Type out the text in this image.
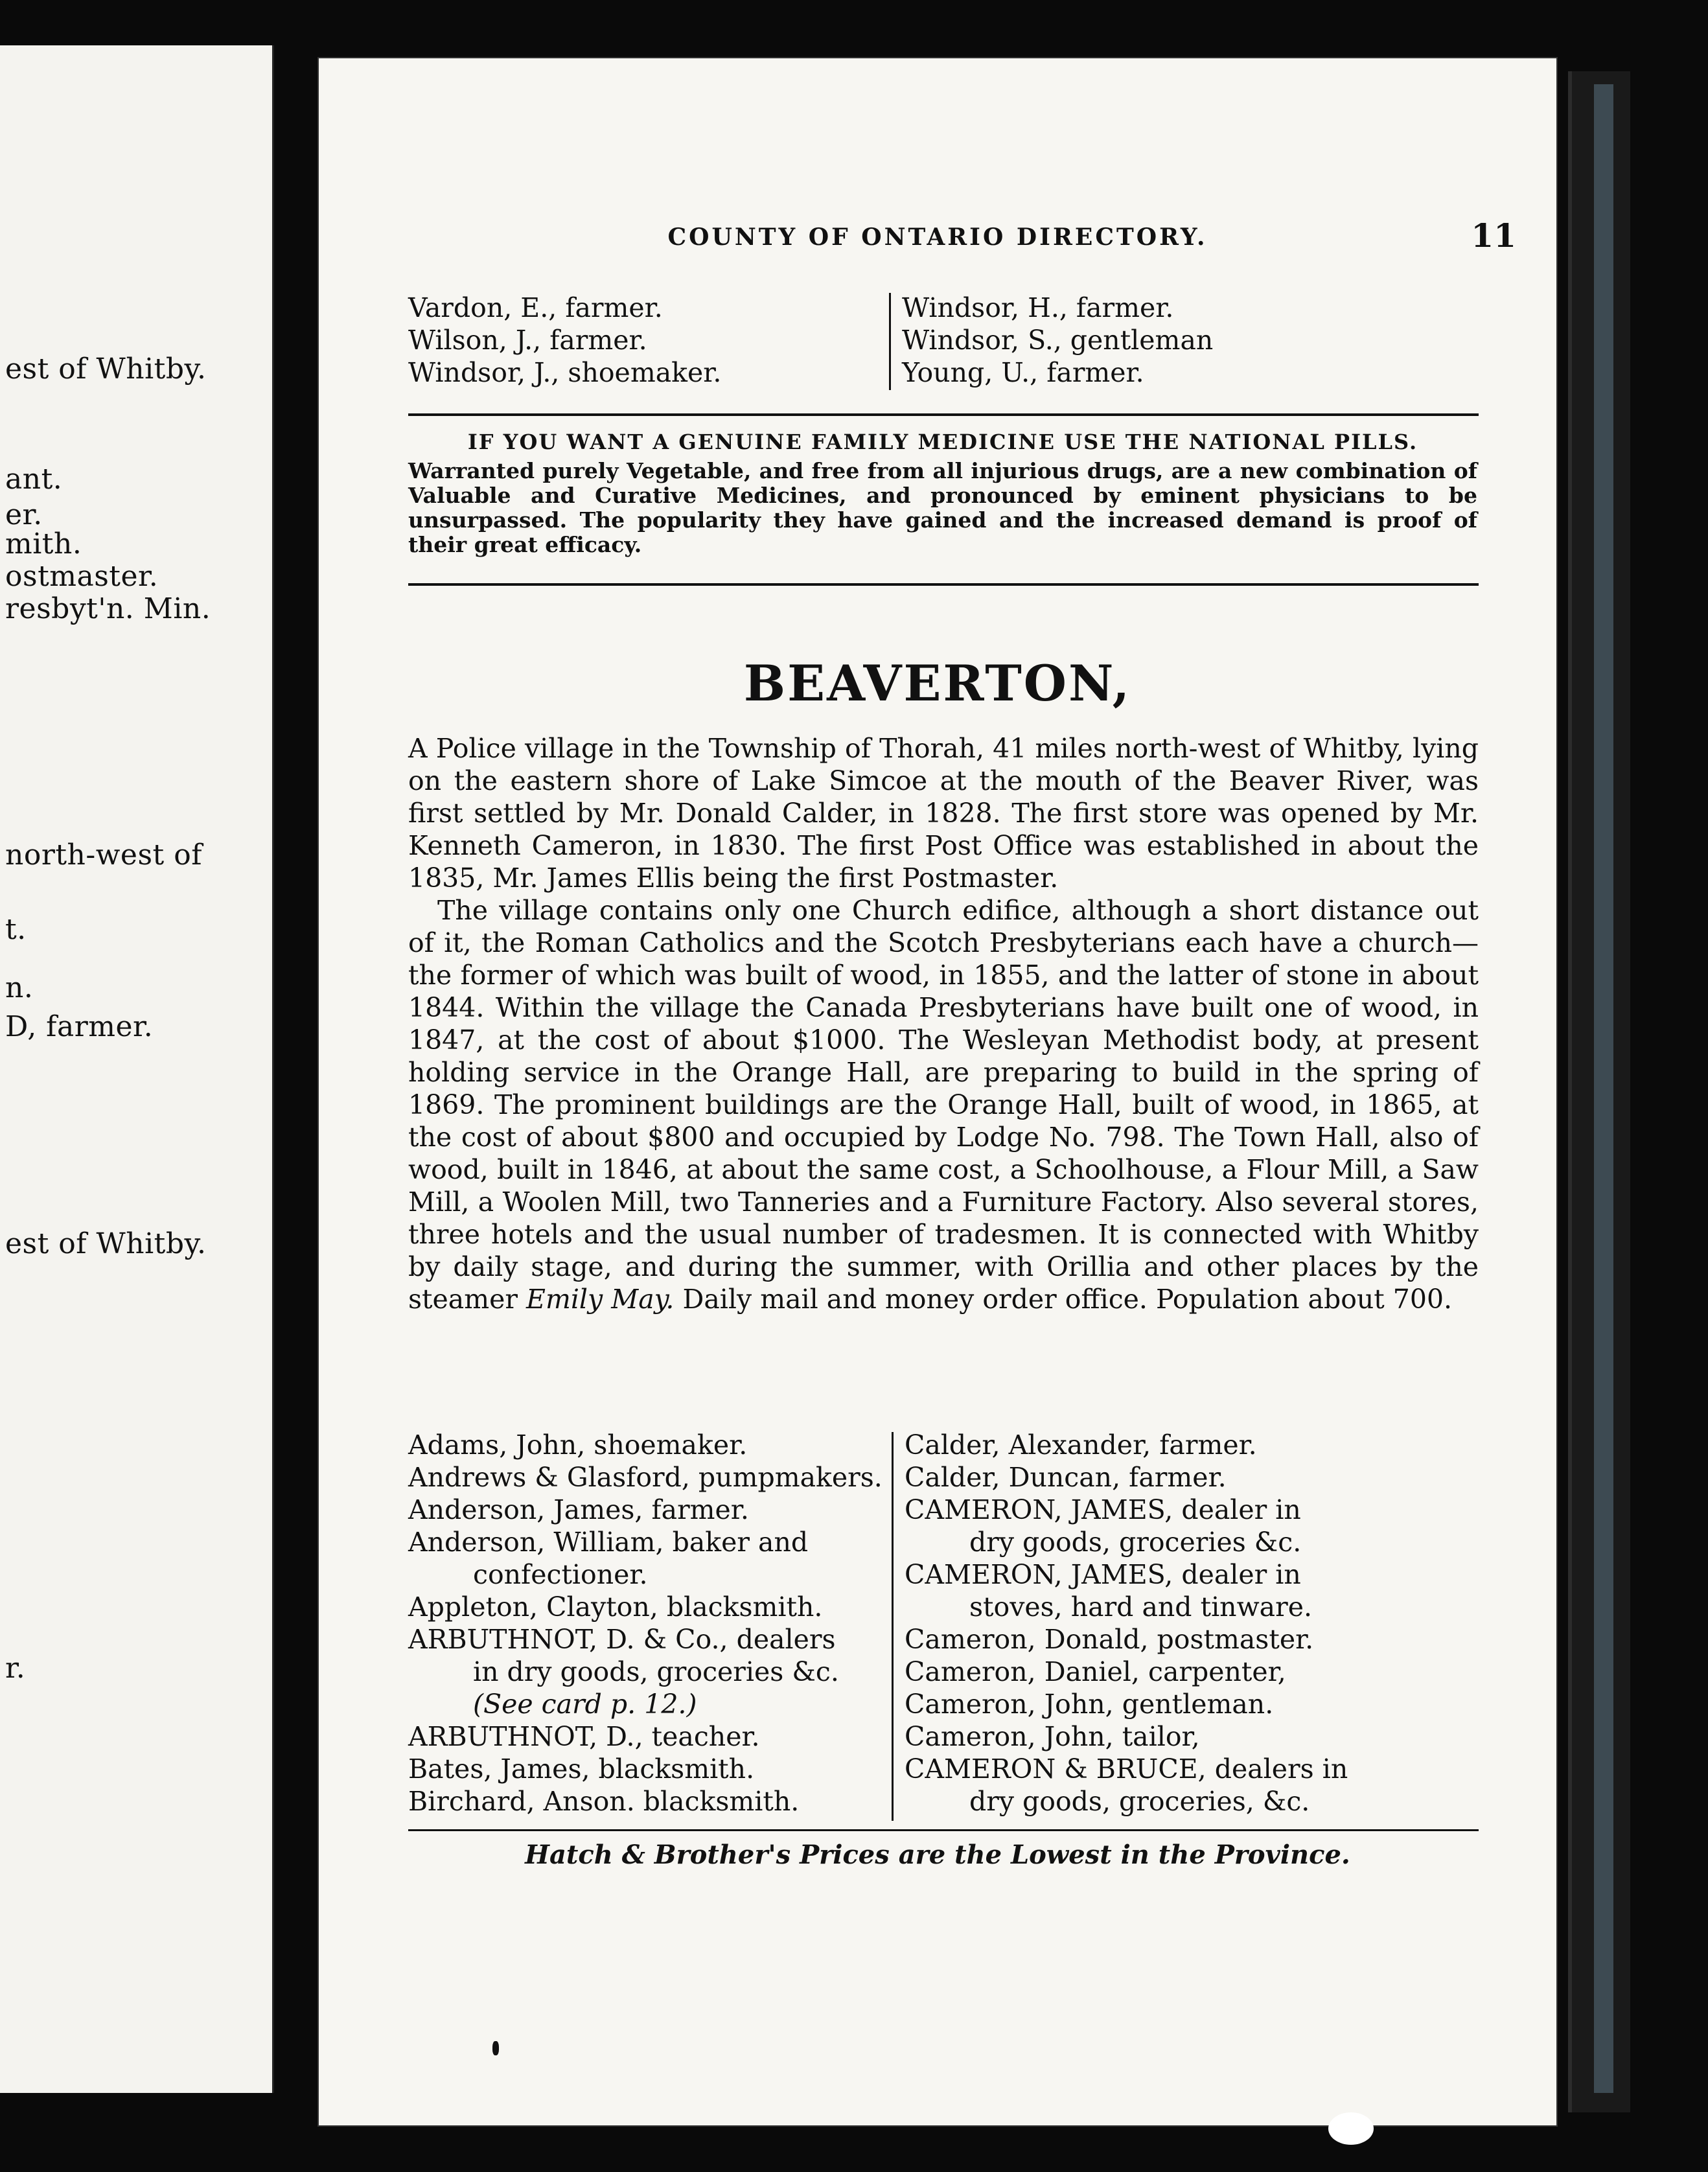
est of Whitby.
ant.
er.
mith.
ostmaster.
resbyt'n. Min.
north-west of
t.
n.
D, farmer.
est of Whitby.
r.
COUNTY OF ONTARIO DIRECTORY.	11
Vardon, E., farmer.
Wilson, J., farmer.
Windsor, J., shoemaker.
Windsor, H., farmer.
Windsor, S., gentleman
Young, U., farmer.
IF YOU WANT A GENUINE FAMILY MEDICINE USE THE NATIONAL PILLS.
Warranted purely Vegetable, and free from all injurious drugs, are a new combination of Valuable and Curative Medicines, and pronounced by eminent physicians to be unsurpassed. The popularity they have gained and the increased demand is proof of their great efficacy.
BEAVERTON,

A Police village in the Township of Thorah, 41 miles north-west of Whitby, lying on the eastern shore of Lake Simcoe at the mouth of the Beaver River, was first settled by Mr. Donald Calder, in 1828. The first store was opened by Mr. Kenneth Cameron, in 1830. The first Post Office was established in about the 1835, Mr. James Ellis being the first Postmaster.

The village contains only one Church edifice, although a short distance out of it, the Roman Catholics and the Scotch Presbyterians each have a church—the former of which was built of wood, in 1855, and the latter of stone in about 1844. Within the village the Canada Presbyterians have built one of wood, in 1847, at the cost of about $1000. The Wesleyan Methodist body, at present holding service in the Orange Hall, are preparing to build in the spring of 1869. The prominent buildings are the Orange Hall, built of wood, in 1865, at the cost of about $800 and occupied by Lodge No. 798. The Town Hall, also of wood, built in 1846, at about the same cost, a Schoolhouse, a Flour Mill, a Saw Mill, a Woolen Mill, two Tanneries and a Furniture Factory. Also several stores, three hotels and the usual number of tradesmen. It is connected with Whitby by daily stage, and during the summer, with Orillia and other places by the steamer Emily May. Daily mail and money order office. Population about 700.

Adams, John, shoemaker.
Andrews & Glasford, pumpmakers.
Anderson, James, farmer.
Anderson, William, baker and
confectioner.
Appleton, Clayton, blacksmith.
ARBUTHNOT, D. & Co., dealers
in dry goods, groceries &c.
(See card p. 12.)
ARBUTHNOT, D., teacher.
Bates, James, blacksmith.
Birchard, Anson. blacksmith.
Calder, Alexander, farmer.
Calder, Duncan, farmer.
CAMERON, JAMES, dealer in
dry goods, groceries &c.
CAMERON, JAMES, dealer in
stoves, hard and tinware.
Cameron, Donald, postmaster.
Cameron, Daniel, carpenter,
Cameron, John, gentleman.
Cameron, John, tailor,
CAMERON & BRUCE, dealers in
dry goods, groceries, &c.
Hatch & Brother's Prices are the Lowest in the Province.
